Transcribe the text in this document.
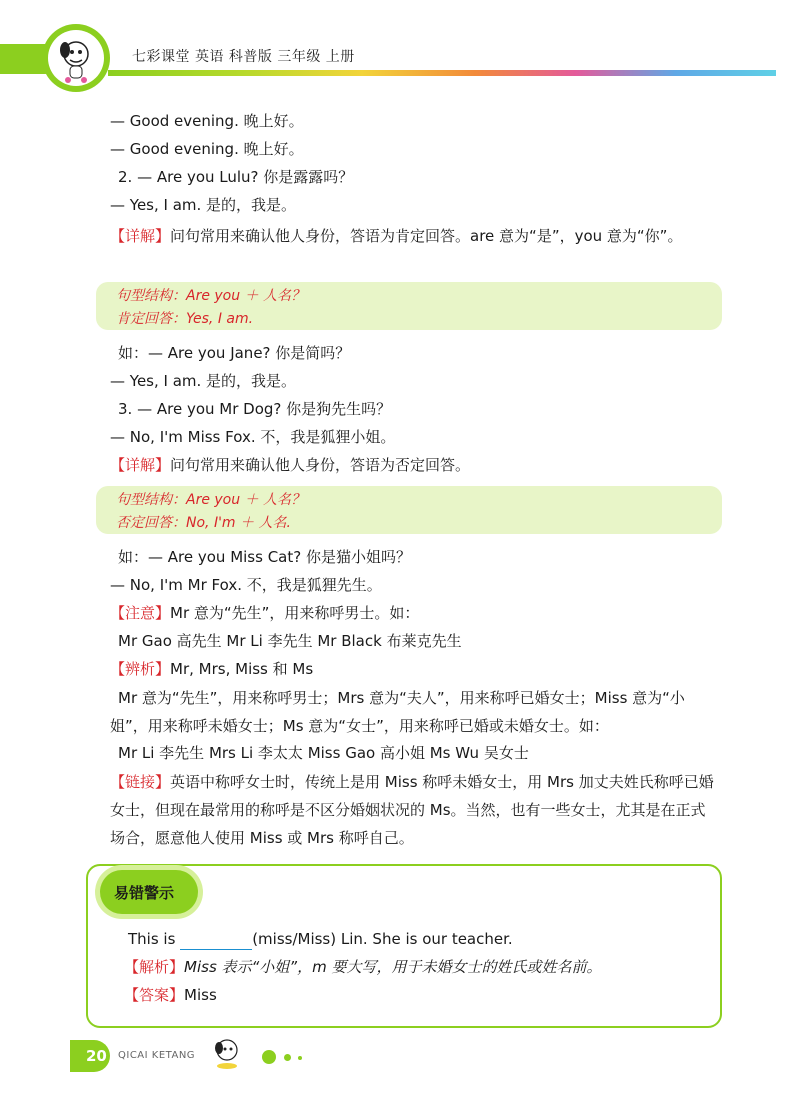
七彩课堂 英语 科普版 三年级 上册
— Good evening. 晚上好。
— Good evening. 晚上好。
2. — Are you Lulu? 你是露露吗？
— Yes, I am. 是的，我是。
【详解】问句常用来确认他人身份，答语为肯定回答。are 意为“是”，you 意为“你”。
句型结构：Are you ＋ 人名？
肯定回答：Yes, I am.
如：— Are you Jane? 你是简吗？
— Yes, I am. 是的，我是。
3. — Are you Mr Dog? 你是狗先生吗？
— No, I'm Miss Fox. 不，我是狐狸小姐。
【详解】问句常用来确认他人身份，答语为否定回答。
句型结构：Are you ＋ 人名？
否定回答：No, I'm ＋ 人名.
如：— Are you Miss Cat? 你是猫小姐吗？
— No, I'm Mr Fox. 不，我是狐狸先生。
【注意】Mr 意为“先生”，用来称呼男士。如：
Mr Gao 高先生 Mr Li 李先生 Mr Black 布莱克先生
【辨析】Mr, Mrs, Miss 和 Ms
Mr 意为“先生”，用来称呼男士；Mrs 意为“夫人”，用来称呼已婚女士；Miss 意为“小姐”，用来称呼未婚女士；Ms 意为“女士”，用来称呼已婚或未婚女士。如：
Mr Li 李先生 Mrs Li 李太太 Miss Gao 高小姐 Ms Wu 吴女士
【链接】英语中称呼女士时，传统上是用 Miss 称呼未婚女士，用 Mrs 加丈夫姓氏称呼已婚女士，但现在最常用的称呼是不区分婚姻状况的 Ms。当然，也有一些女士，尤其是在正式场合，愿意他人使用 Miss 或 Mrs 称呼自己。
易错警示
This is	(miss/Miss) Lin. She is our teacher.
【解析】Miss 表示“小姐”，m 要大写，用于未婚女士的姓氏或姓名前。
【答案】Miss
20 QICAI KETANG
